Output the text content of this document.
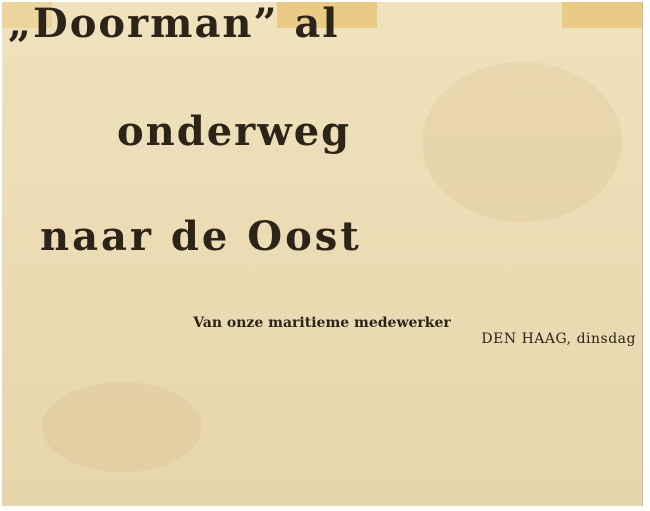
„Doorman” al
onderweg
naar de Oost
Van onze maritieme medewerker
DEN HAAG, dinsdag
